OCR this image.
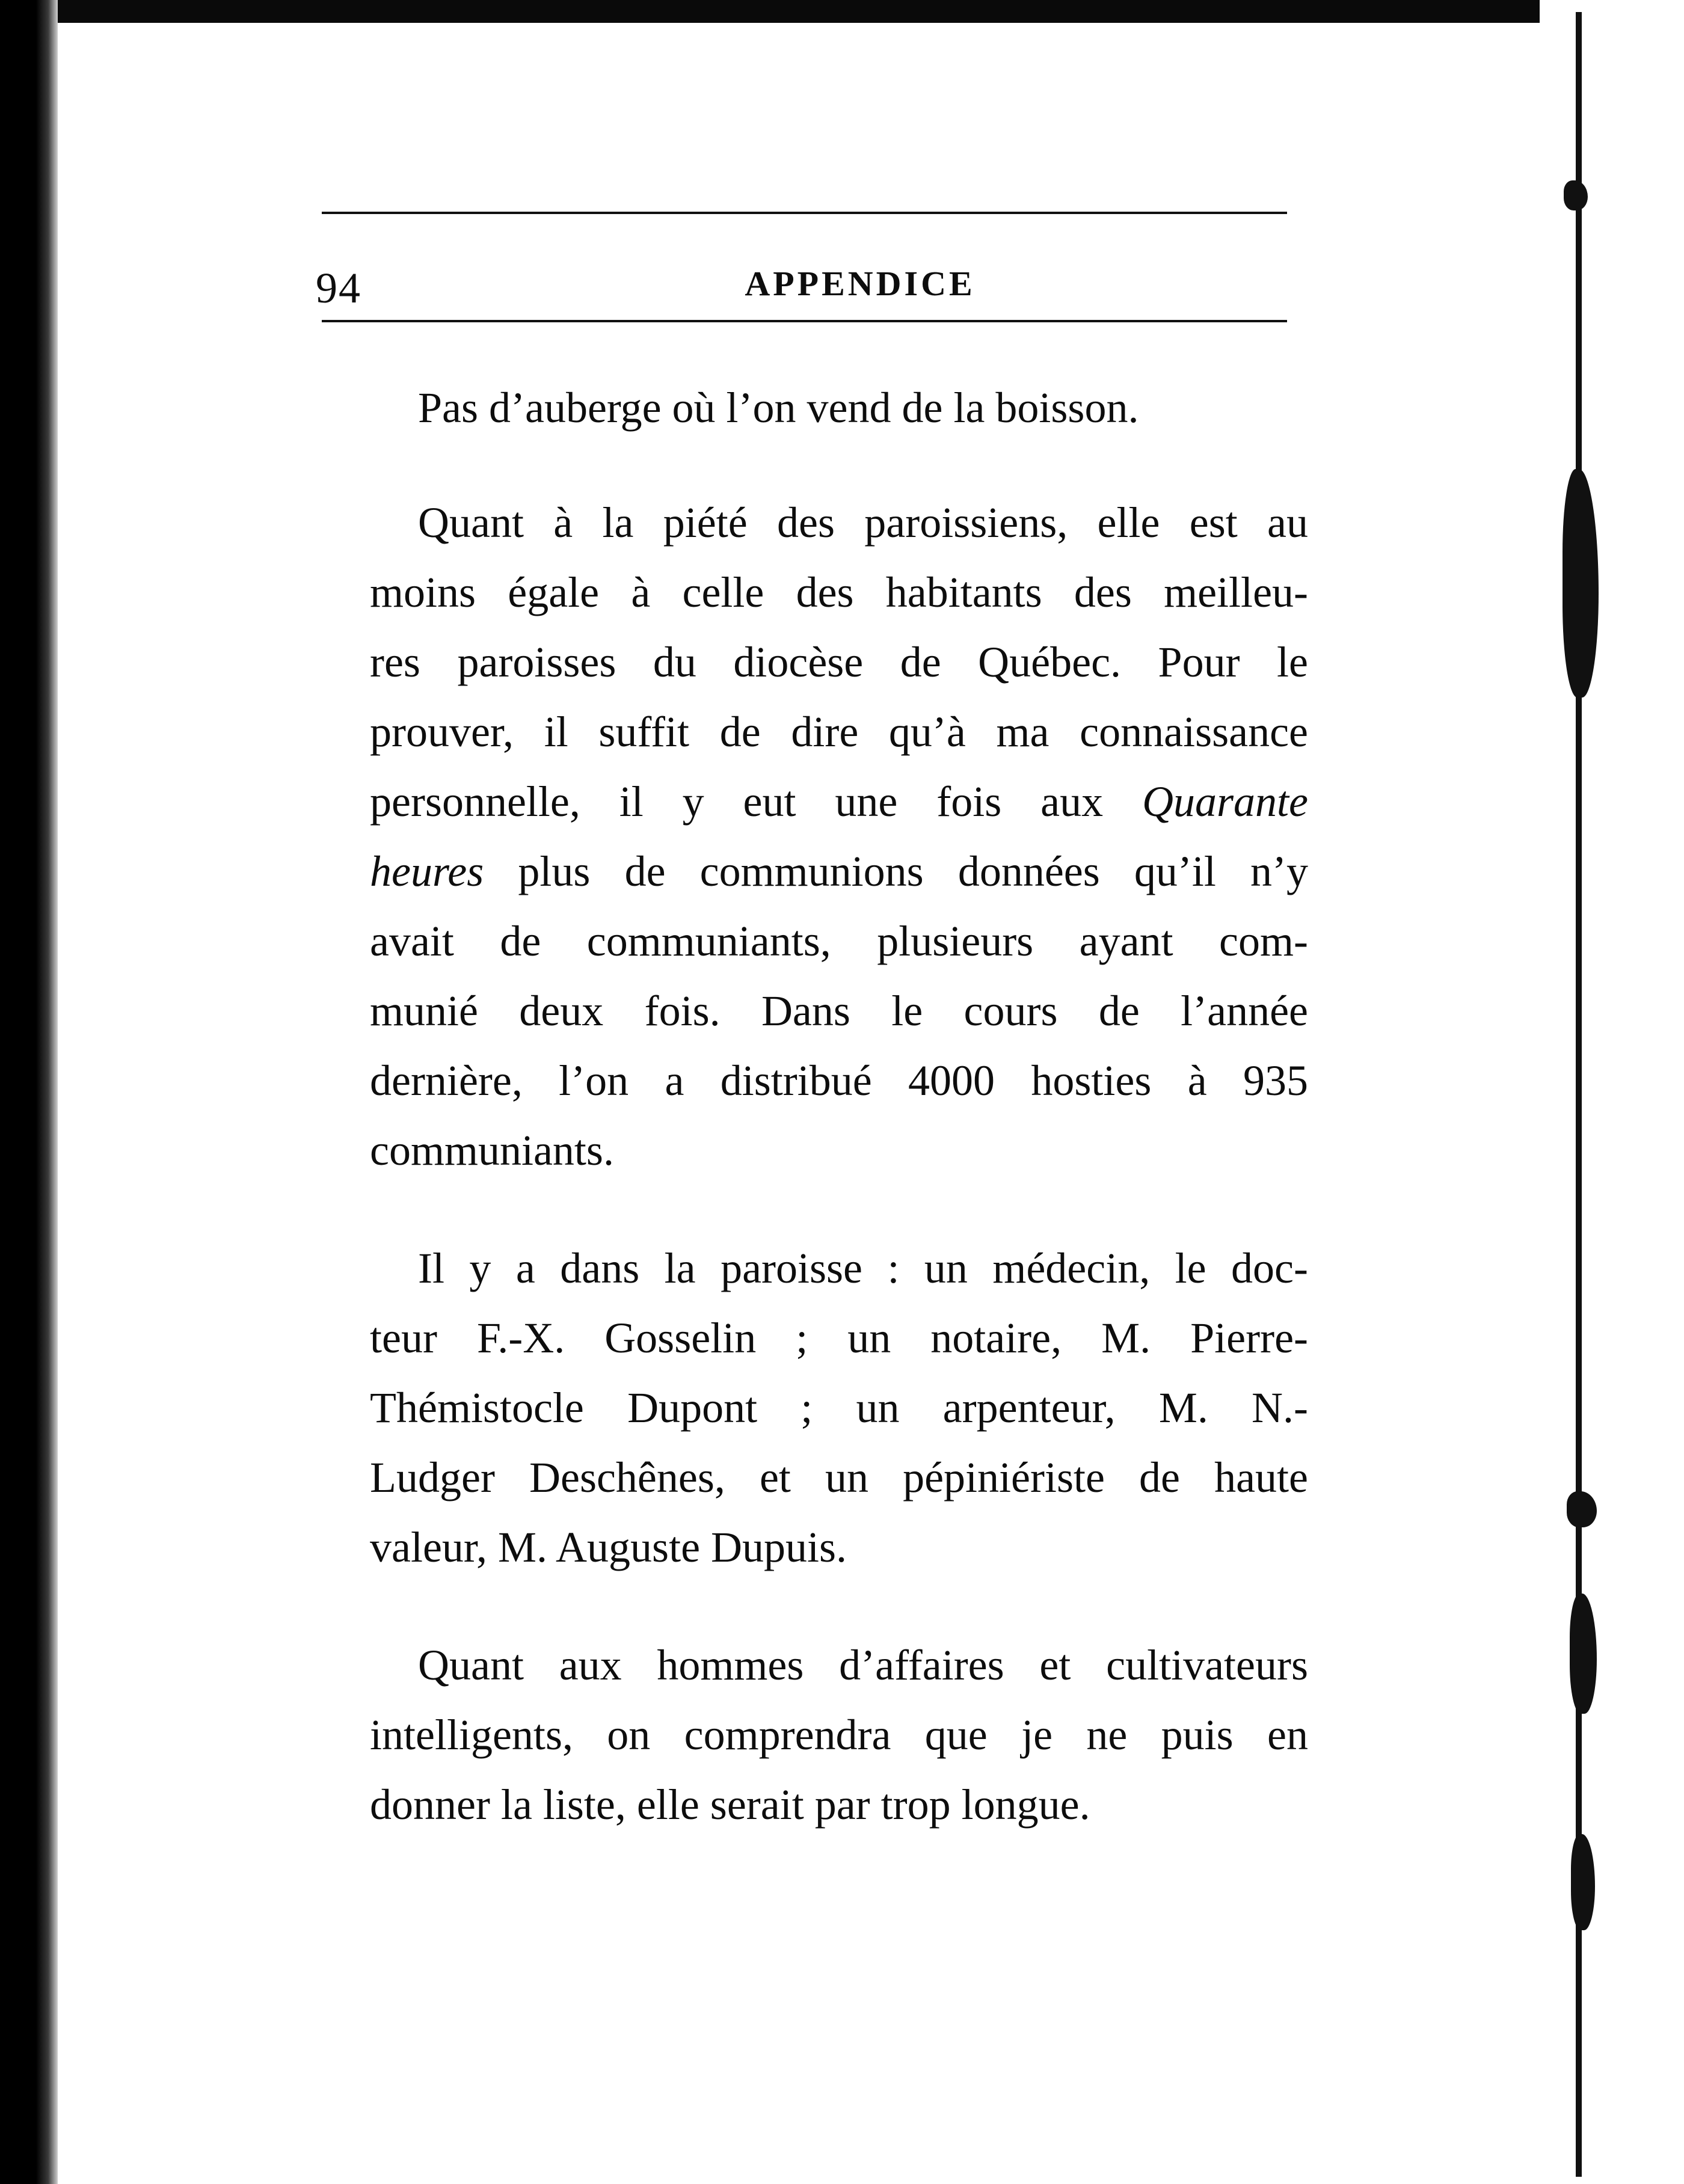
94	APPENDICE
Pas d’auberge où l’on vend de la boisson.
Quant à la piété des paroissiens, elle est au
moins égale à celle des habitants des meilleu-
res paroisses du diocèse de Québec. Pour le
prouver, il suffit de dire qu’à ma connaissance
personnelle, il y eut une fois aux Quarante
heures plus de communions données qu’il n’y
avait de communiants, plusieurs ayant com-
munié deux fois. Dans le cours de l’année
dernière, l’on a distribué 4000 hosties à 935
communiants.
Il y a dans la paroisse : un médecin, le doc-
teur F.-X. Gosselin ; un notaire, M. Pierre-
Thémistocle Dupont ; un arpenteur, M. N.-
Ludger Deschênes, et un pépiniériste de haute
valeur, M. Auguste Dupuis.
Quant aux hommes d’affaires et cultivateurs
intelligents, on comprendra que je ne puis en
donner la liste, elle serait par trop longue.
